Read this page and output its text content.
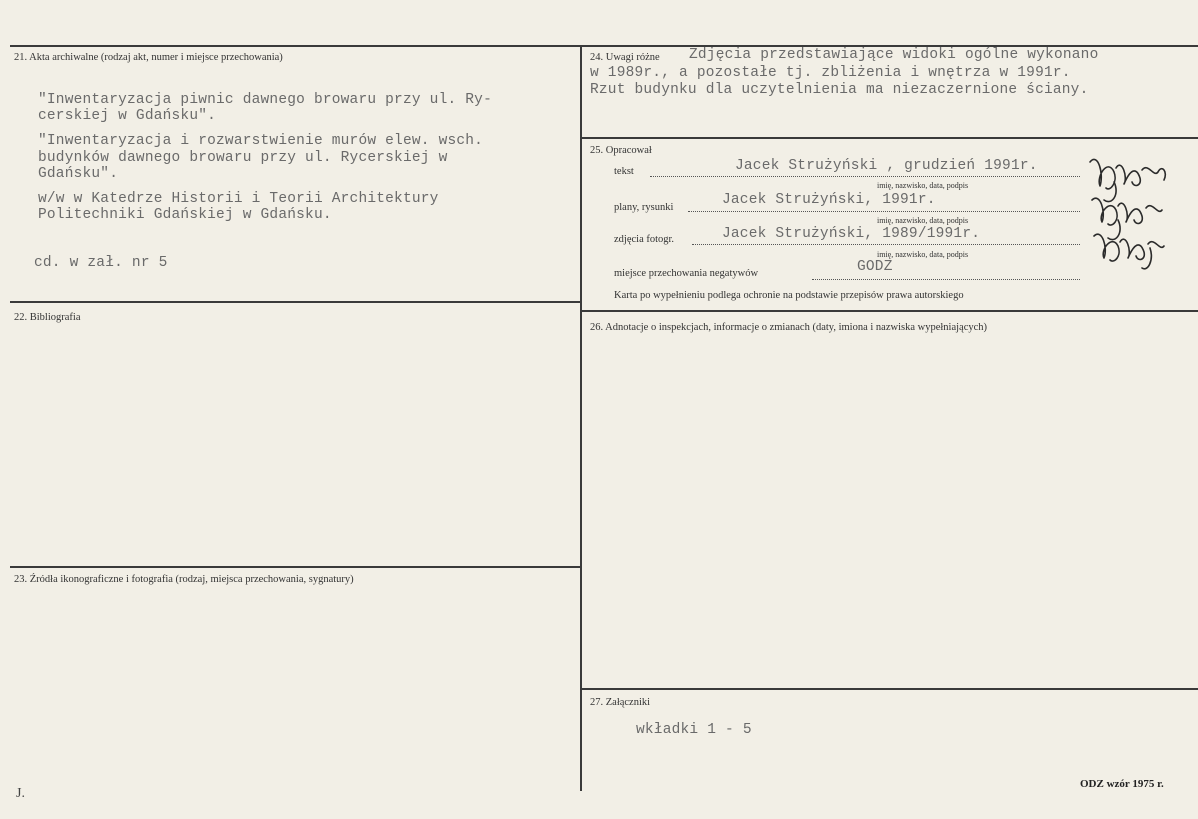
21. Akta archiwalne (rodzaj akt, numer i miejsce przechowania)
"Inwentaryzacja piwnic dawnego browaru przy ul. Ry-
cerskiej w Gdańsku".
"Inwentaryzacja i rozwarstwienie murów elew. wsch.
budynków dawnego browaru przy ul. Rycerskiej w
Gdańsku".
w/w w Katedrze Historii i Teorii Architektury
Politechniki Gdańskiej w Gdańsku.
cd. w zał. nr 5
22. Bibliografia
23. Źródła ikonograficzne i fotografia (rodzaj, miejsca przechowania, sygnatury)
24. Uwagi różne Zdjęcia przedstawiające widoki ogólne wykonano
w 1989r., a pozostałe tj. zbliżenia i wnętrza w 1991r.
Rzut budynku dla uczytelnienia ma niezaczernione ściany.
25. Opracował
tekst	Jacek Strużyński , grudzień 1991r.
imię, nazwisko, data, podpis
plany, rysunki	Jacek Strużyński, 1991r.
imię, nazwisko, data, podpis
zdjęcia fotogr.	Jacek Strużyński, 1989/1991r.
imię, nazwisko, data, podpis
miejsce przechowania negatywów	GODZ
Karta po wypełnieniu podlega ochronie na podstawie przepisów prawa autorskiego
26. Adnotacje o inspekcjach, informacje o zmianach (daty, imiona i nazwiska wypełniających)
27. Załączniki
wkładki 1 - 5
ODZ wzór 1975 r.
J.
